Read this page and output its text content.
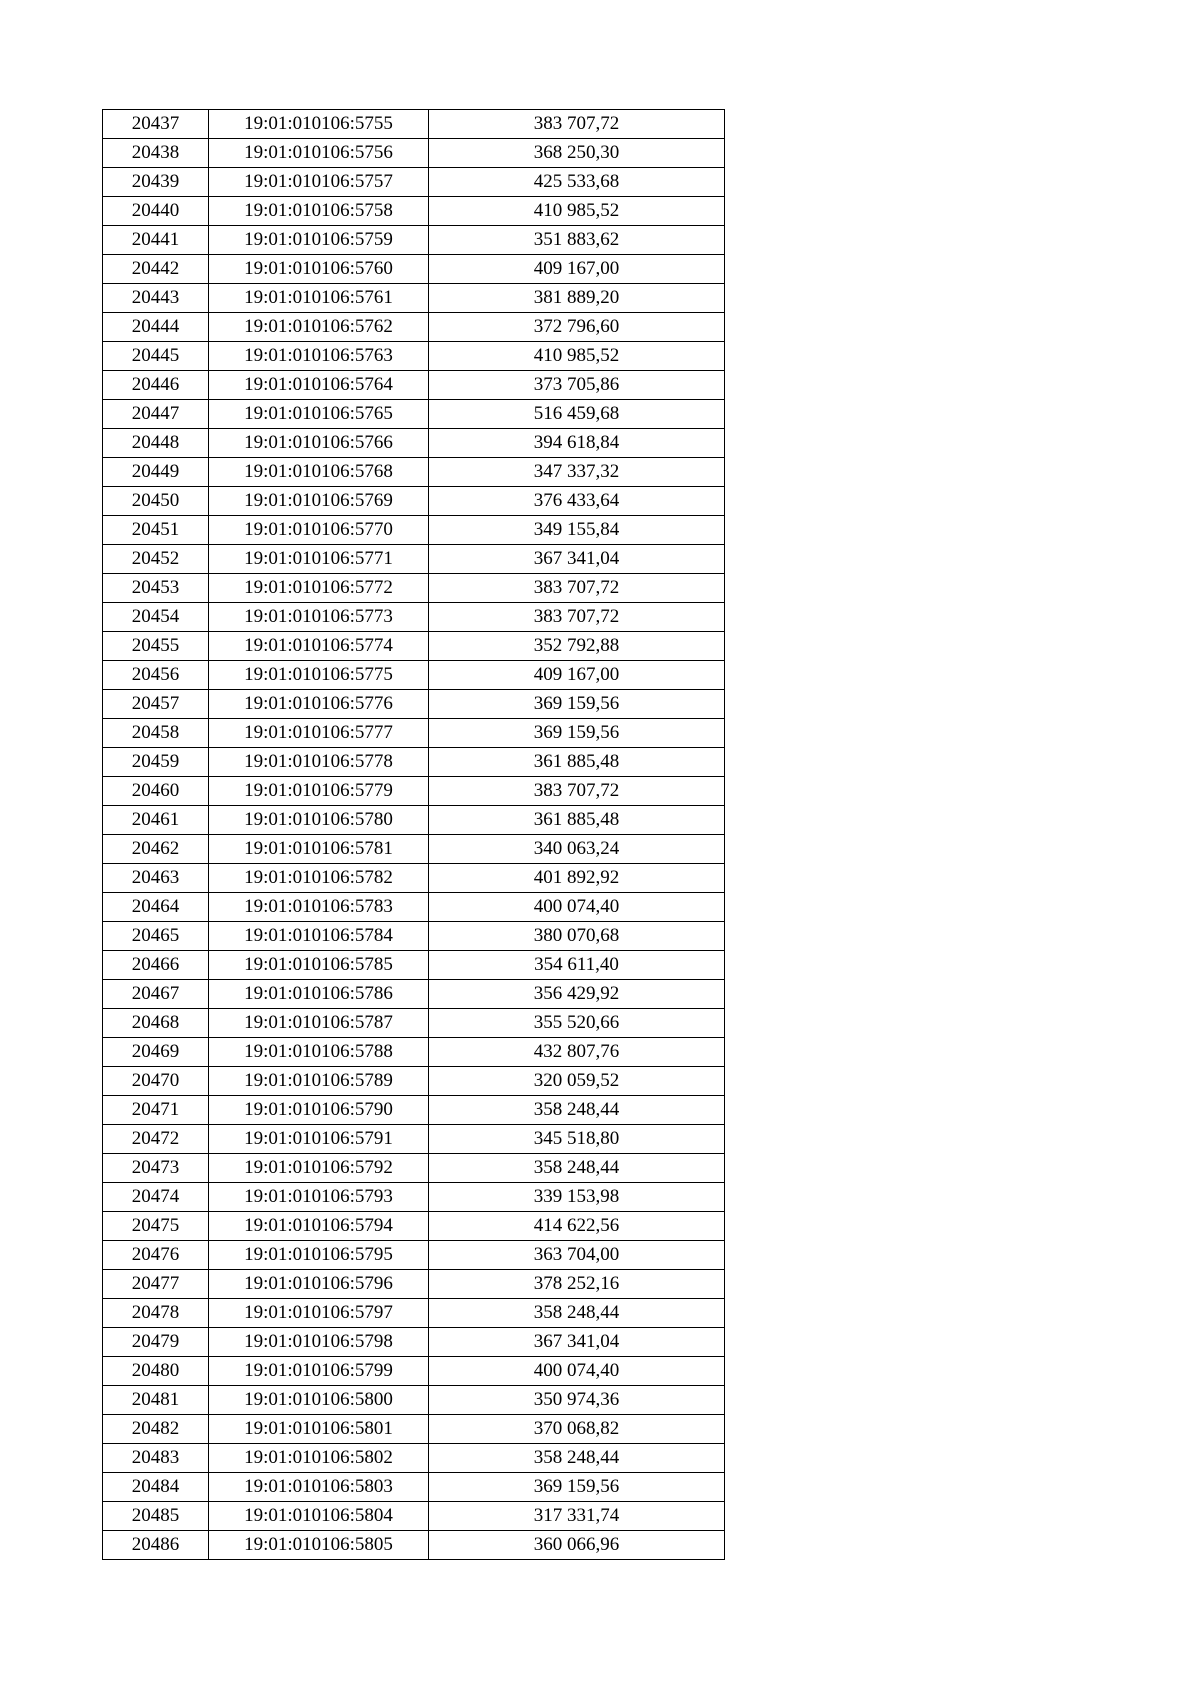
20437	19:01:010106:5755	383 707,72
20438	19:01:010106:5756	368 250,30
20439	19:01:010106:5757	425 533,68
20440	19:01:010106:5758	410 985,52
20441	19:01:010106:5759	351 883,62
20442	19:01:010106:5760	409 167,00
20443	19:01:010106:5761	381 889,20
20444	19:01:010106:5762	372 796,60
20445	19:01:010106:5763	410 985,52
20446	19:01:010106:5764	373 705,86
20447	19:01:010106:5765	516 459,68
20448	19:01:010106:5766	394 618,84
20449	19:01:010106:5768	347 337,32
20450	19:01:010106:5769	376 433,64
20451	19:01:010106:5770	349 155,84
20452	19:01:010106:5771	367 341,04
20453	19:01:010106:5772	383 707,72
20454	19:01:010106:5773	383 707,72
20455	19:01:010106:5774	352 792,88
20456	19:01:010106:5775	409 167,00
20457	19:01:010106:5776	369 159,56
20458	19:01:010106:5777	369 159,56
20459	19:01:010106:5778	361 885,48
20460	19:01:010106:5779	383 707,72
20461	19:01:010106:5780	361 885,48
20462	19:01:010106:5781	340 063,24
20463	19:01:010106:5782	401 892,92
20464	19:01:010106:5783	400 074,40
20465	19:01:010106:5784	380 070,68
20466	19:01:010106:5785	354 611,40
20467	19:01:010106:5786	356 429,92
20468	19:01:010106:5787	355 520,66
20469	19:01:010106:5788	432 807,76
20470	19:01:010106:5789	320 059,52
20471	19:01:010106:5790	358 248,44
20472	19:01:010106:5791	345 518,80
20473	19:01:010106:5792	358 248,44
20474	19:01:010106:5793	339 153,98
20475	19:01:010106:5794	414 622,56
20476	19:01:010106:5795	363 704,00
20477	19:01:010106:5796	378 252,16
20478	19:01:010106:5797	358 248,44
20479	19:01:010106:5798	367 341,04
20480	19:01:010106:5799	400 074,40
20481	19:01:010106:5800	350 974,36
20482	19:01:010106:5801	370 068,82
20483	19:01:010106:5802	358 248,44
20484	19:01:010106:5803	369 159,56
20485	19:01:010106:5804	317 331,74
20486	19:01:010106:5805	360 066,96
